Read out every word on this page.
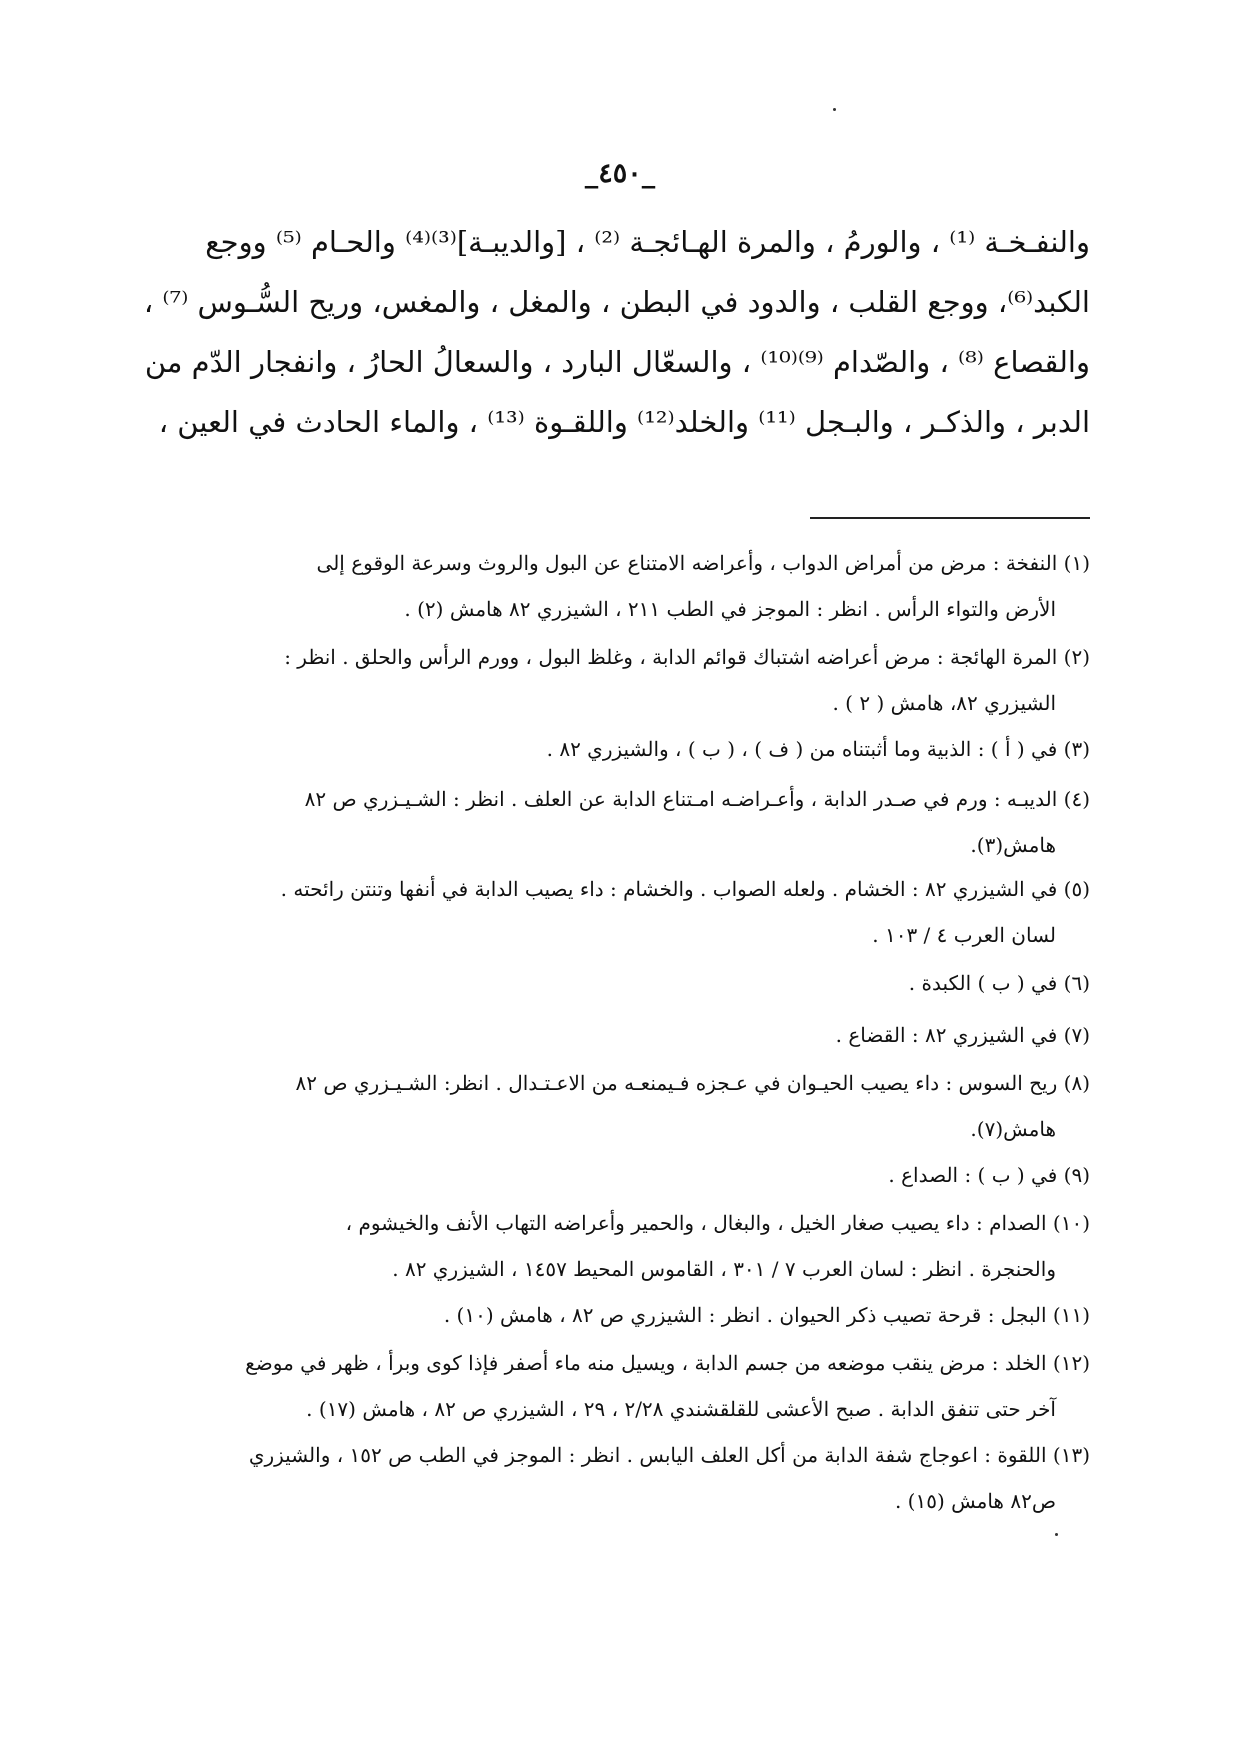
_٤٥٠_
والنفـخـة ⁽¹⁾ ، والورمُ ، والمرة الهـائجـة ⁽²⁾ ، [والديبـة]⁽³⁾⁽⁴⁾ والحـام ⁽⁵⁾ ووجع
الكبد⁽⁶⁾، ووجع القلب ، والدود في البطن ، والمغل ، والمغس، وريح السُّـوس ⁽⁷⁾ ،
والقصاع ⁽⁸⁾ ، والصّدام ⁽⁹⁾⁽¹⁰⁾ ، والسعّال البارد ، والسعالُ الحارُ ، وانفجار الدّم من
الدبر ، والذكـر ، والبـجل ⁽¹¹⁾ والخلد⁽¹²⁾ واللقـوة ⁽¹³⁾ ، والماء الحادث في العين ،
(١) النفخة : مرض من أمراض الدواب ، وأعراضه الامتناع عن البول والروث وسرعة الوقوع إلى
الأرض والتواء الرأس . انظر : الموجز في الطب ٢١١ ، الشيزري ٨٢ هامش (٢) .
(٢) المرة الهائجة : مرض أعراضه اشتباك قوائم الدابة ، وغلظ البول ، وورم الرأس والحلق . انظر :
الشيزري ٨٢، هامش ( ٢ ) .
(٣) في ( أ ) : الذبية وما أثبتناه من ( ف ) ، ( ب ) ، والشيزري ٨٢ .
(٤) الديبـه : ورم في صـدر الدابة ، وأعـراضـه امـتناع الدابة عن العلف . انظر : الشـيـزري ص ٨٢
هامش(٣).
(٥) في الشيزري ٨٢ : الخشام . ولعله الصواب . والخشام : داء يصيب الدابة في أنفها وتنتن رائحته .
لسان العرب ٤ / ١٠٣ .
(٦) في ( ب ) الكبدة .
(٧) في الشيزري ٨٢ : القضاع .
(٨) ريح السوس : داء يصيب الحيـوان في عـجزه فـيمنعـه من الاعـتـدال . انظر: الشـيـزري ص ٨٢
هامش(٧).
(٩) في ( ب ) : الصداع .
(١٠) الصدام : داء يصيب صغار الخيل ، والبغال ، والحمير وأعراضه التهاب الأنف والخيشوم ،
والحنجرة . انظر : لسان العرب ٧ / ٣٠١ ، القاموس المحيط ١٤٥٧ ، الشيزري ٨٢ .
(١١) البجل : قرحة تصيب ذكر الحيوان . انظر : الشيزري ص ٨٢ ، هامش (١٠) .
(١٢) الخلد : مرض ينقب موضعه من جسم الدابة ، ويسيل منه ماء أصفر فإذا كوى وبرأ ، ظهر في موضع
آخر حتى تنفق الدابة . صبح الأعشى للقلقشندي ٢/٢٨ ، ٢٩ ، الشيزري ص ٨٢ ، هامش (١٧) .
(١٣) اللقوة : اعوجاج شفة الدابة من أكل العلف اليابس . انظر : الموجز في الطب ص ١٥٢ ، والشيزري
ص٨٢ هامش (١٥) .
